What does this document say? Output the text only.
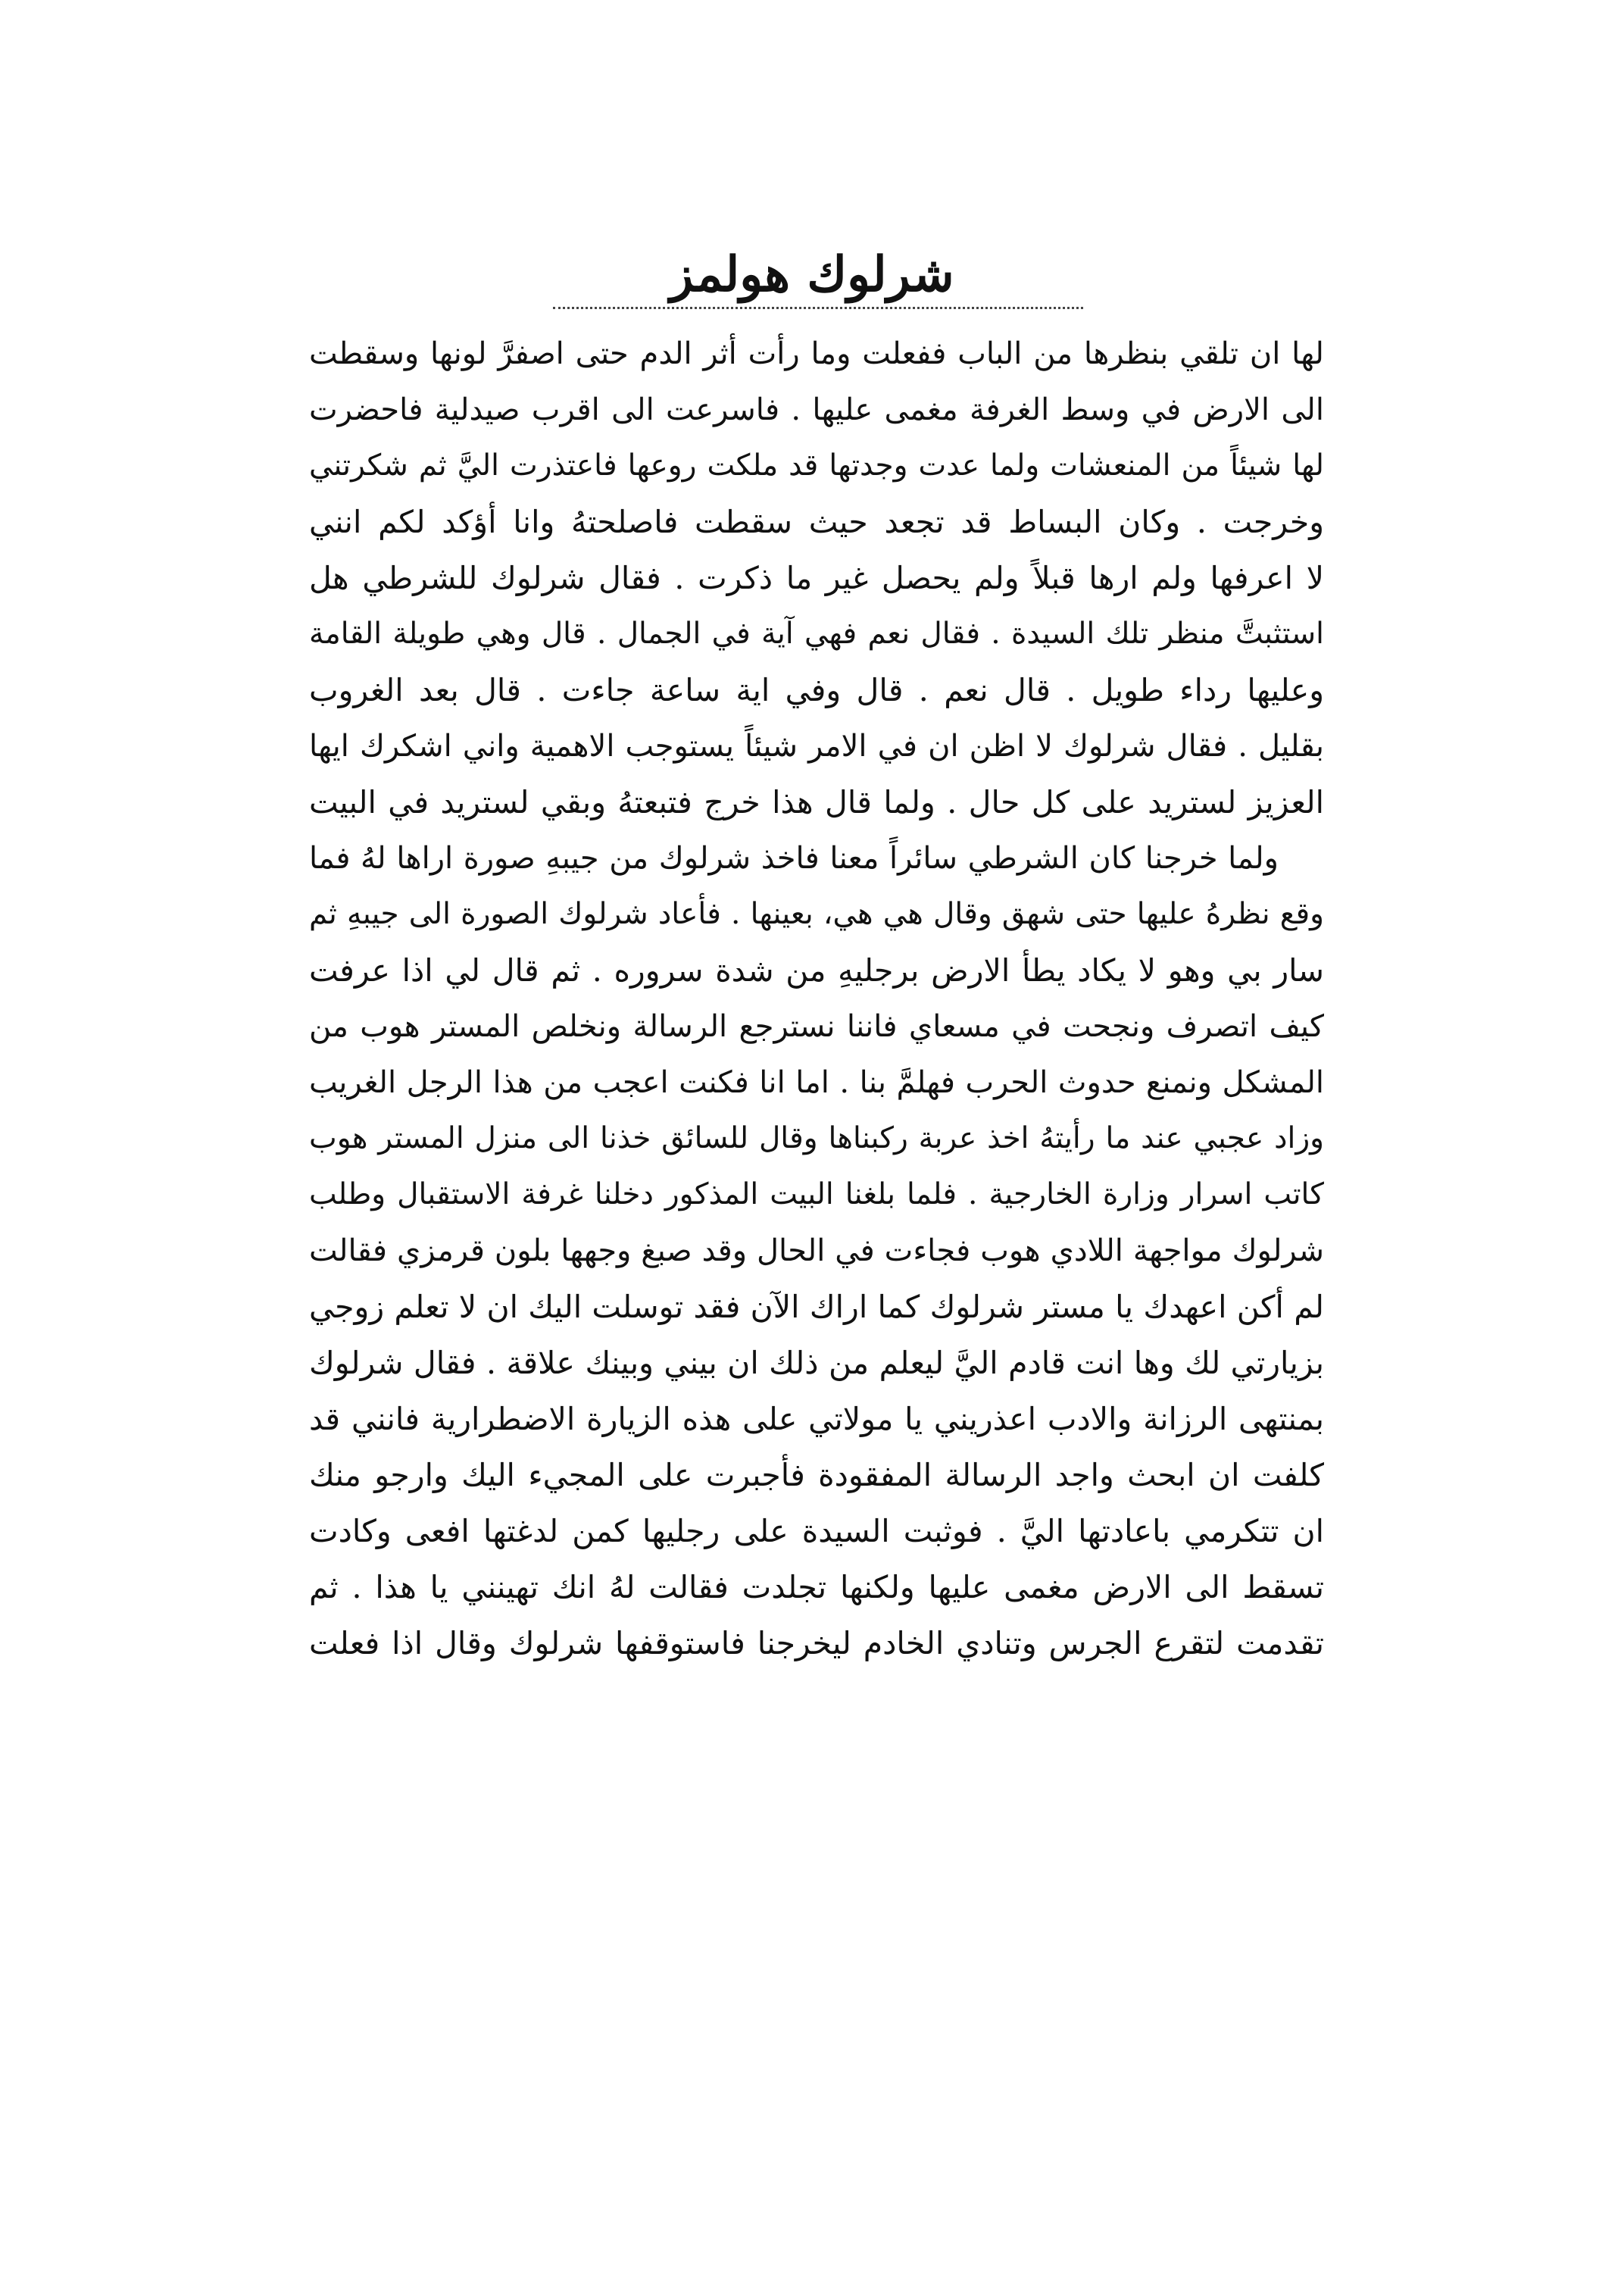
شرلوك هولمز
لها ان تلقي بنظرها من الباب ففعلت وما رأت أثر الدم حتى اصفرَّ لونها وسقطت
الى الارض في وسط الغرفة مغمى عليها . فاسرعت الى اقرب صيدلية فاحضرت
لها شيئاً من المنعشات ولما عدت وجدتها قد ملكت روعها فاعتذرت اليَّ ثم شكرتني
وخرجت . وكان البساط قد تجعد حيث سقطت فاصلحتهُ وانا أؤكد لكم انني
لا اعرفها ولم ارها قبلاً ولم يحصل غير ما ذكرت . فقال شرلوك للشرطي هل
استثبتَّ منظر تلك السيدة . فقال نعم فهي آية في الجمال . قال وهي طويلة القامة
وعليها رداء طويل . قال نعم . قال وفي اية ساعة جاءت . قال بعد الغروب
بقليل . فقال شرلوك لا اظن ان في الامر شيئاً يستوجب الاهمية واني اشكرك ايها
العزيز لستريد على كل حال . ولما قال هذا خرج فتبعتهُ وبقي لستريد في البيت
ولما خرجنا كان الشرطي سائراً معنا فاخذ شرلوك من جيبهِ صورة اراها لهُ فما
وقع نظرهُ عليها حتى شهق وقال هي هي، بعينها . فأعاد شرلوك الصورة الى جيبهِ ثم
سار بي وهو لا يكاد يطأ الارض برجليهِ من شدة سروره . ثم قال لي اذا عرفت
كيف اتصرف ونجحت في مسعاي فاننا نسترجع الرسالة ونخلص المستر هوب من
المشكل ونمنع حدوث الحرب فهلمَّ بنا . اما انا فكنت اعجب من هذا الرجل الغريب
وزاد عجبي عند ما رأيتهُ اخذ عربة ركبناها وقال للسائق خذنا الى منزل المستر هوب
كاتب اسرار وزارة الخارجية . فلما بلغنا البيت المذكور دخلنا غرفة الاستقبال وطلب
شرلوك مواجهة اللادي هوب فجاءت في الحال وقد صبغ وجهها بلون قرمزي فقالت
لم أكن اعهدك يا مستر شرلوك كما اراك الآن فقد توسلت اليك ان لا تعلم زوجي
بزيارتي لك وها انت قادم اليَّ ليعلم من ذلك ان بيني وبينك علاقة . فقال شرلوك
بمنتهى الرزانة والادب اعذريني يا مولاتي على هذه الزيارة الاضطرارية فانني قد
كلفت ان ابحث واجد الرسالة المفقودة فأجبرت على المجيء اليك وارجو منك
ان تتكرمي باعادتها اليَّ . فوثبت السيدة على رجليها كمن لدغتها افعى وكادت
تسقط الى الارض مغمى عليها ولكنها تجلدت فقالت لهُ انك تهينني يا هذا . ثم
تقدمت لتقرع الجرس وتنادي الخادم ليخرجنا فاستوقفها شرلوك وقال اذا فعلت
